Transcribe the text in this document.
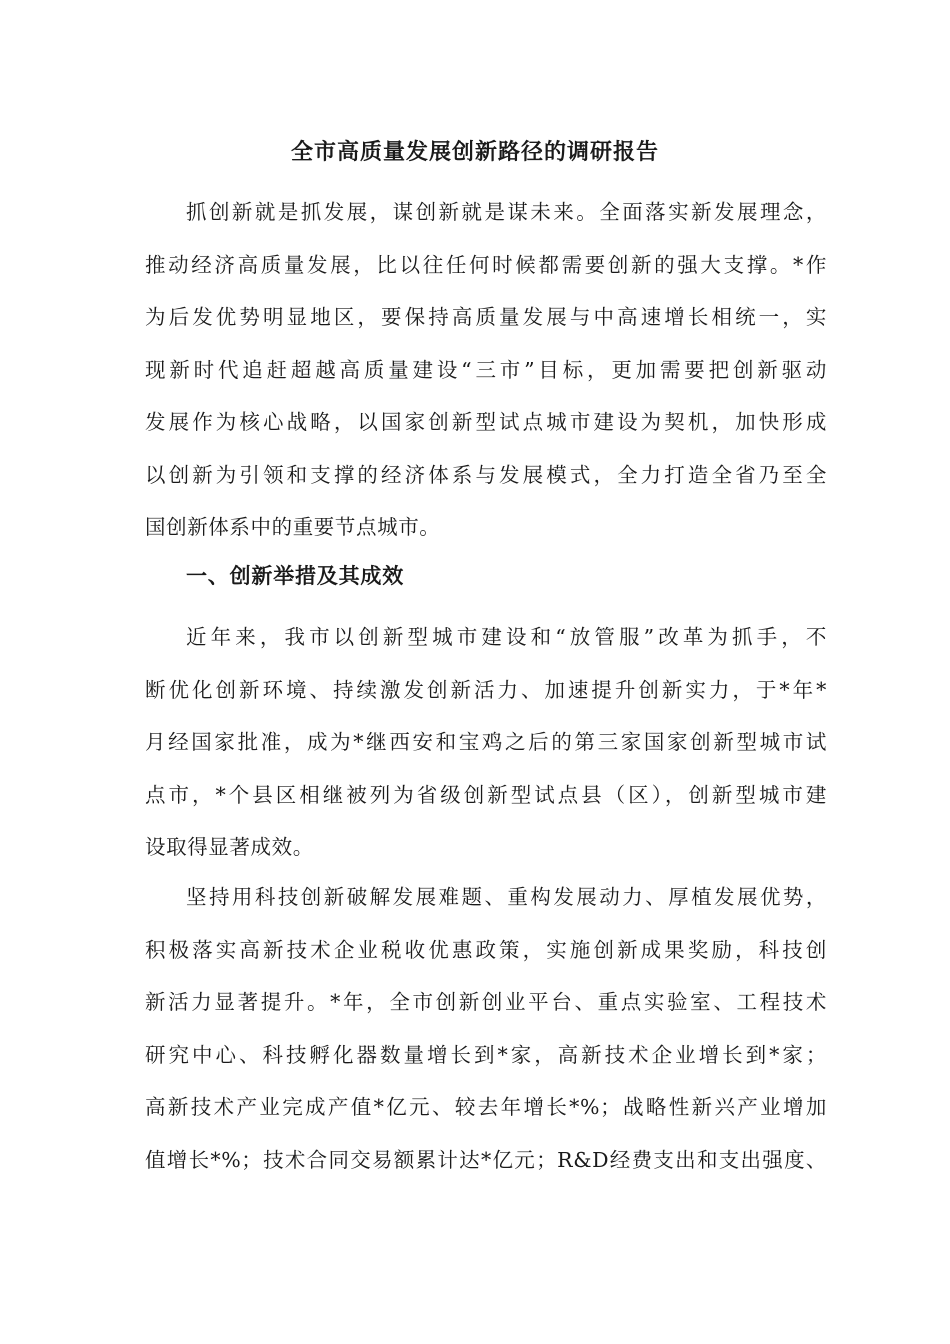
全市高质量发展创新路径的调研报告
抓创新就是抓发展，谋创新就是谋未来。全面落实新发展理念，
推动经济高质量发展，比以往任何时候都需要创新的强大支撑。*作
为后发优势明显地区，要保持高质量发展与中高速增长相统一，实
现新时代追赶超越高质量建设“三市”目标，更加需要把创新驱动
发展作为核心战略，以国家创新型试点城市建设为契机，加快形成
以创新为引领和支撑的经济体系与发展模式，全力打造全省乃至全
国创新体系中的重要节点城市。
一、创新举措及其成效
近年来，我市以创新型城市建设和“放管服”改革为抓手，不
断优化创新环境、持续激发创新活力、加速提升创新实力，于*年*
月经国家批准，成为*继西安和宝鸡之后的第三家国家创新型城市试
点市，*个县区相继被列为省级创新型试点县（区），创新型城市建
设取得显著成效。
坚持用科技创新破解发展难题、重构发展动力、厚植发展优势，
积极落实高新技术企业税收优惠政策，实施创新成果奖励，科技创
新活力显著提升。*年，全市创新创业平台、重点实验室、工程技术
研究中心、科技孵化器数量增长到*家，高新技术企业增长到*家；
高新技术产业完成产值*亿元、较去年增长*%；战略性新兴产业增加
值增长*%；技术合同交易额累计达*亿元；R&D经费支出和支出强度、
